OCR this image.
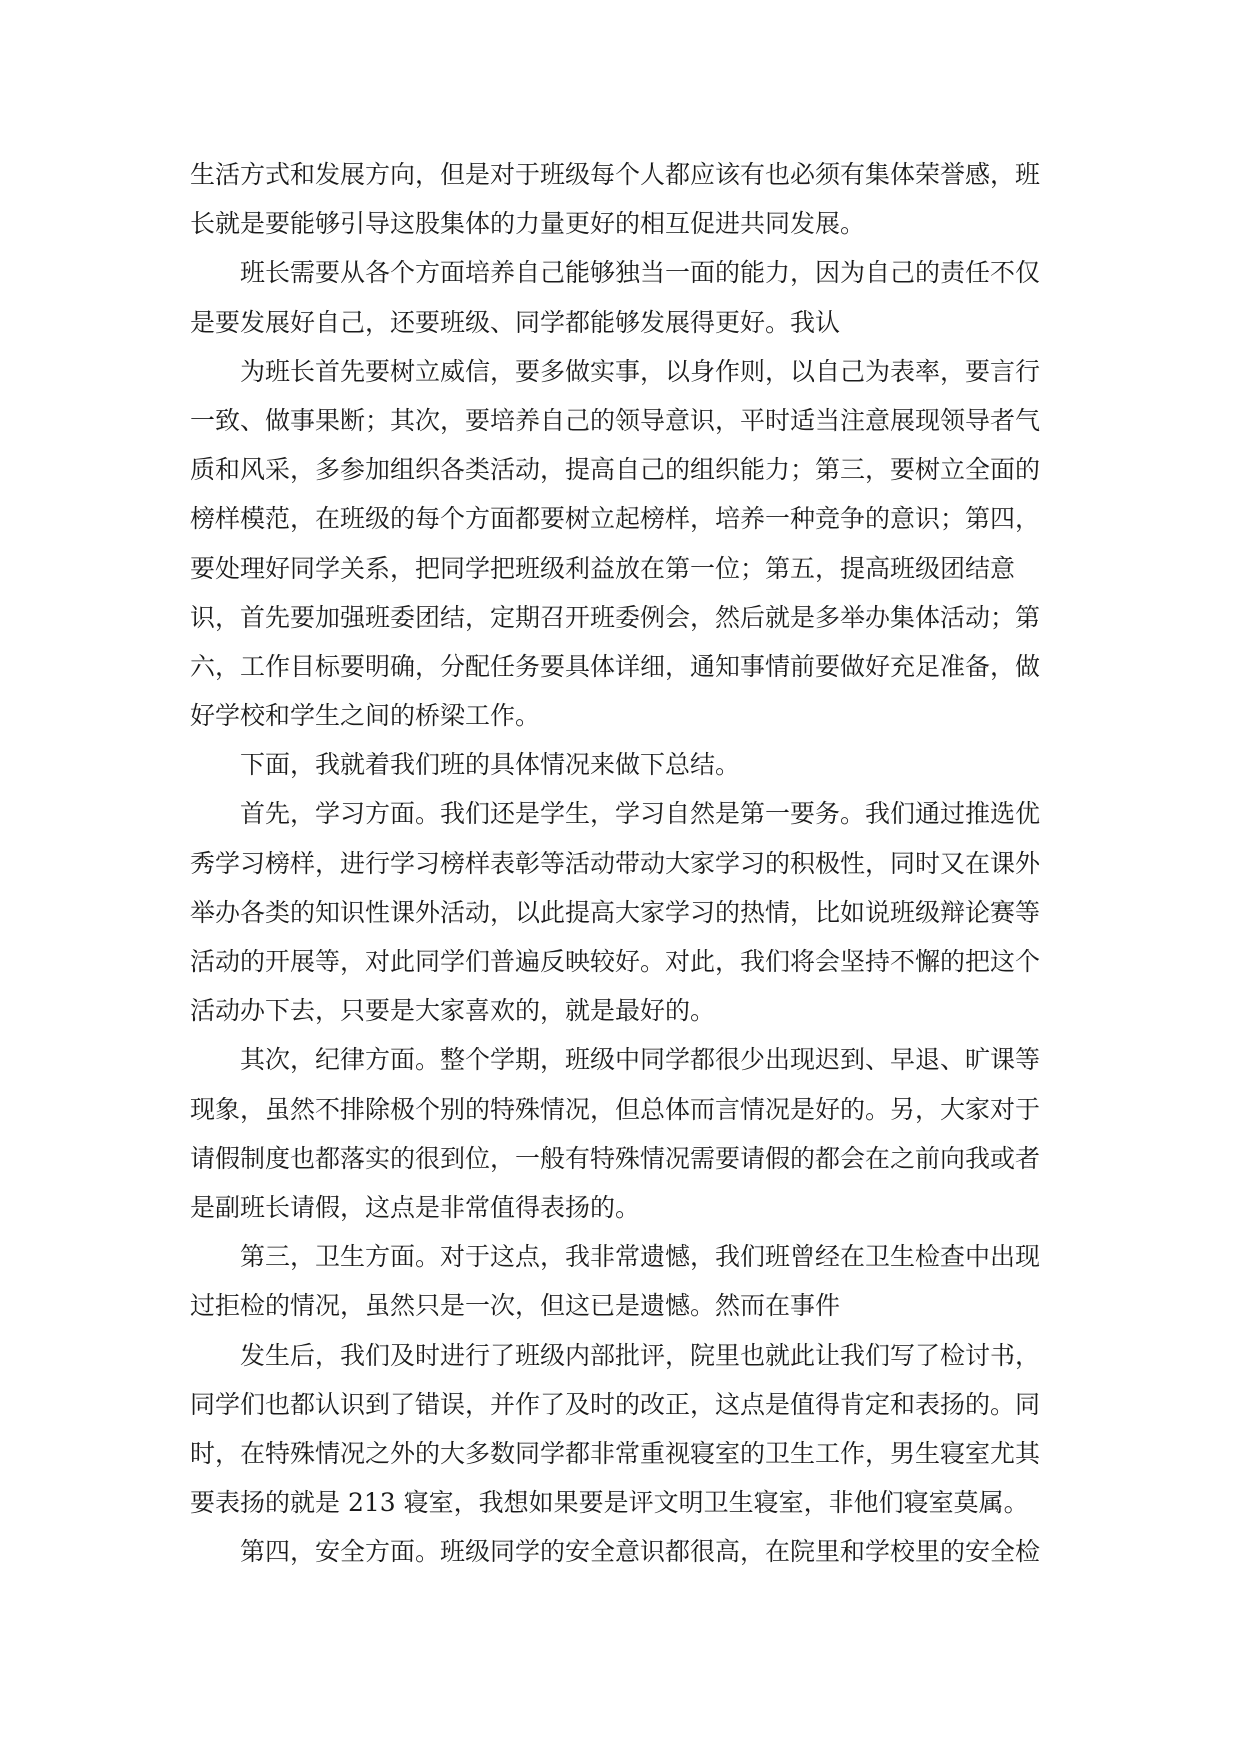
生活方式和发展方向，但是对于班级每个人都应该有也必须有集体荣誉感，班
长就是要能够引导这股集体的力量更好的相互促进共同发展。
班长需要从各个方面培养自己能够独当一面的能力，因为自己的责任不仅
是要发展好自己，还要班级、同学都能够发展得更好。我认
为班长首先要树立威信，要多做实事，以身作则，以自己为表率，要言行
一致、做事果断；其次，要培养自己的领导意识，平时适当注意展现领导者气
质和风采，多参加组织各类活动，提高自己的组织能力；第三，要树立全面的
榜样模范，在班级的每个方面都要树立起榜样，培养一种竞争的意识；第四，
要处理好同学关系，把同学把班级利益放在第一位；第五，提高班级团结意
识，首先要加强班委团结，定期召开班委例会，然后就是多举办集体活动；第
六，工作目标要明确，分配任务要具体详细，通知事情前要做好充足准备，做
好学校和学生之间的桥梁工作。
下面，我就着我们班的具体情况来做下总结。
首先，学习方面。我们还是学生，学习自然是第一要务。我们通过推选优
秀学习榜样，进行学习榜样表彰等活动带动大家学习的积极性，同时又在课外
举办各类的知识性课外活动，以此提高大家学习的热情，比如说班级辩论赛等
活动的开展等，对此同学们普遍反映较好。对此，我们将会坚持不懈的把这个
活动办下去，只要是大家喜欢的，就是最好的。
其次，纪律方面。整个学期，班级中同学都很少出现迟到、早退、旷课等
现象，虽然不排除极个别的特殊情况，但总体而言情况是好的。另，大家对于
请假制度也都落实的很到位，一般有特殊情况需要请假的都会在之前向我或者
是副班长请假，这点是非常值得表扬的。
第三，卫生方面。对于这点，我非常遗憾，我们班曾经在卫生检查中出现
过拒检的情况，虽然只是一次，但这已是遗憾。然而在事件
发生后，我们及时进行了班级内部批评，院里也就此让我们写了检讨书，
同学们也都认识到了错误，并作了及时的改正，这点是值得肯定和表扬的。同
时，在特殊情况之外的大多数同学都非常重视寝室的卫生工作，男生寝室尤其
要表扬的就是 213 寝室，我想如果要是评文明卫生寝室，非他们寝室莫属。
第四，安全方面。班级同学的安全意识都很高，在院里和学校里的安全检
